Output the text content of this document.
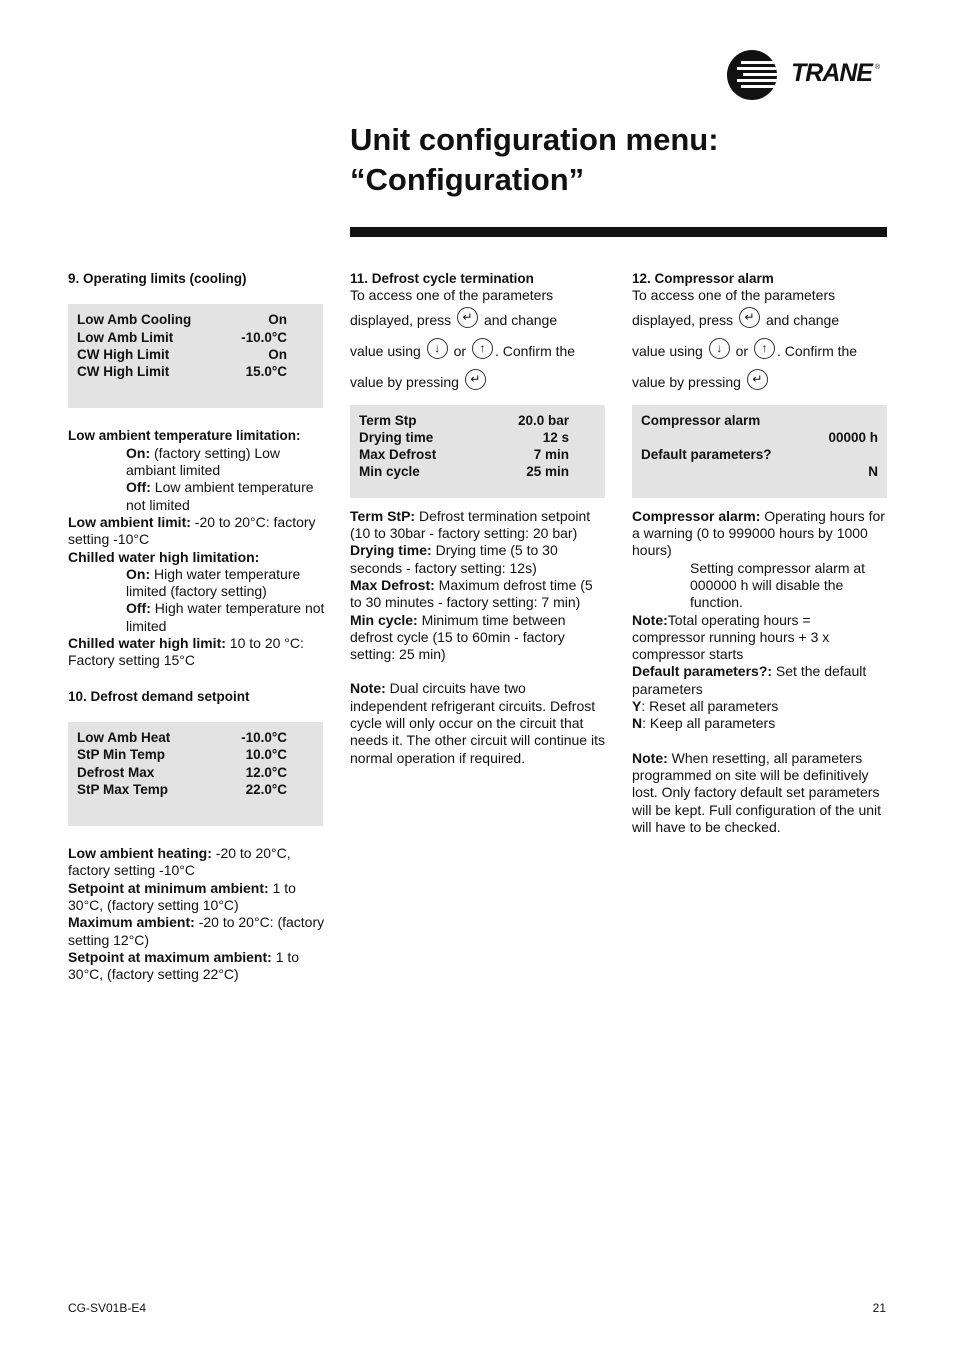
TRANE ®
Unit configuration menu:
“Configuration”
9. Operating limits (cooling)
Low Amb Cooling	On
Low Amb Limit	-10.0°C
CW High Limit	On
CW High Limit	15.0°C

Low ambient temperature limitation:

On: (factory setting) Low ambiant limited

Off: Low ambient temperature not limited

Low ambient limit: -20 to 20°C: factory setting -10°C

Chilled water high limitation:

On: High water temperature limited (factory setting)

Off: High water temperature not limited

Chilled water high limit: 10 to 20 °C: Factory setting 15°C

10. Defrost demand setpoint
Low Amb Heat	-10.0°C
StP Min Temp	10.0°C
Defrost Max	12.0°C
StP Max Temp	22.0°C

Low ambient heating: -20 to 20°C, factory setting -10°C

Setpoint at minimum ambient: 1 to 30°C, (factory setting 10°C)

Maximum ambient: -20 to 20°C: (factory setting 12°C)

Setpoint at maximum ambient: 1 to 30°C, (factory setting 22°C)

11. Defrost cycle termination

To access one of the parameters

displayed, press ↵ and change

value using ↓ or ↑ . Confirm the

value by pressing ↵

Term Stp	20.0 bar
Drying time	12 s
Max Defrost	7 min
Min cycle	25 min

Term StP: Defrost termination setpoint (10 to 30bar - factory setting: 20 bar)

Drying time: Drying time (5 to 30 seconds - factory setting: 12s)

Max Defrost: Maximum defrost time (5 to 30 minutes - factory setting: 7 min)

Min cycle: Minimum time between defrost cycle (15 to 60min - factory setting: 25 min)

Note: Dual circuits have two independent refrigerant circuits. Defrost cycle will only occur on the circuit that needs it. The other circuit will continue its normal operation if required.

12. Compressor alarm

To access one of the parameters

displayed, press ↵ and change

value using ↓ or ↑ . Confirm the

value by pressing ↵

Compressor alarm
00000 h
Default parameters?
N

Compressor alarm: Operating hours for a warning (0 to 999000 hours by 1000 hours)

Setting compressor alarm at 000000 h will disable the function.

Note:Total operating hours = compressor running hours + 3 x compressor starts

Default parameters?: Set the default parameters

Y: Reset all parameters

N: Keep all parameters

Note: When resetting, all parameters programmed on site will be definitively lost. Only factory default set parameters will be kept. Full configuration of the unit will have to be checked.

CG-SV01B-E4	21
